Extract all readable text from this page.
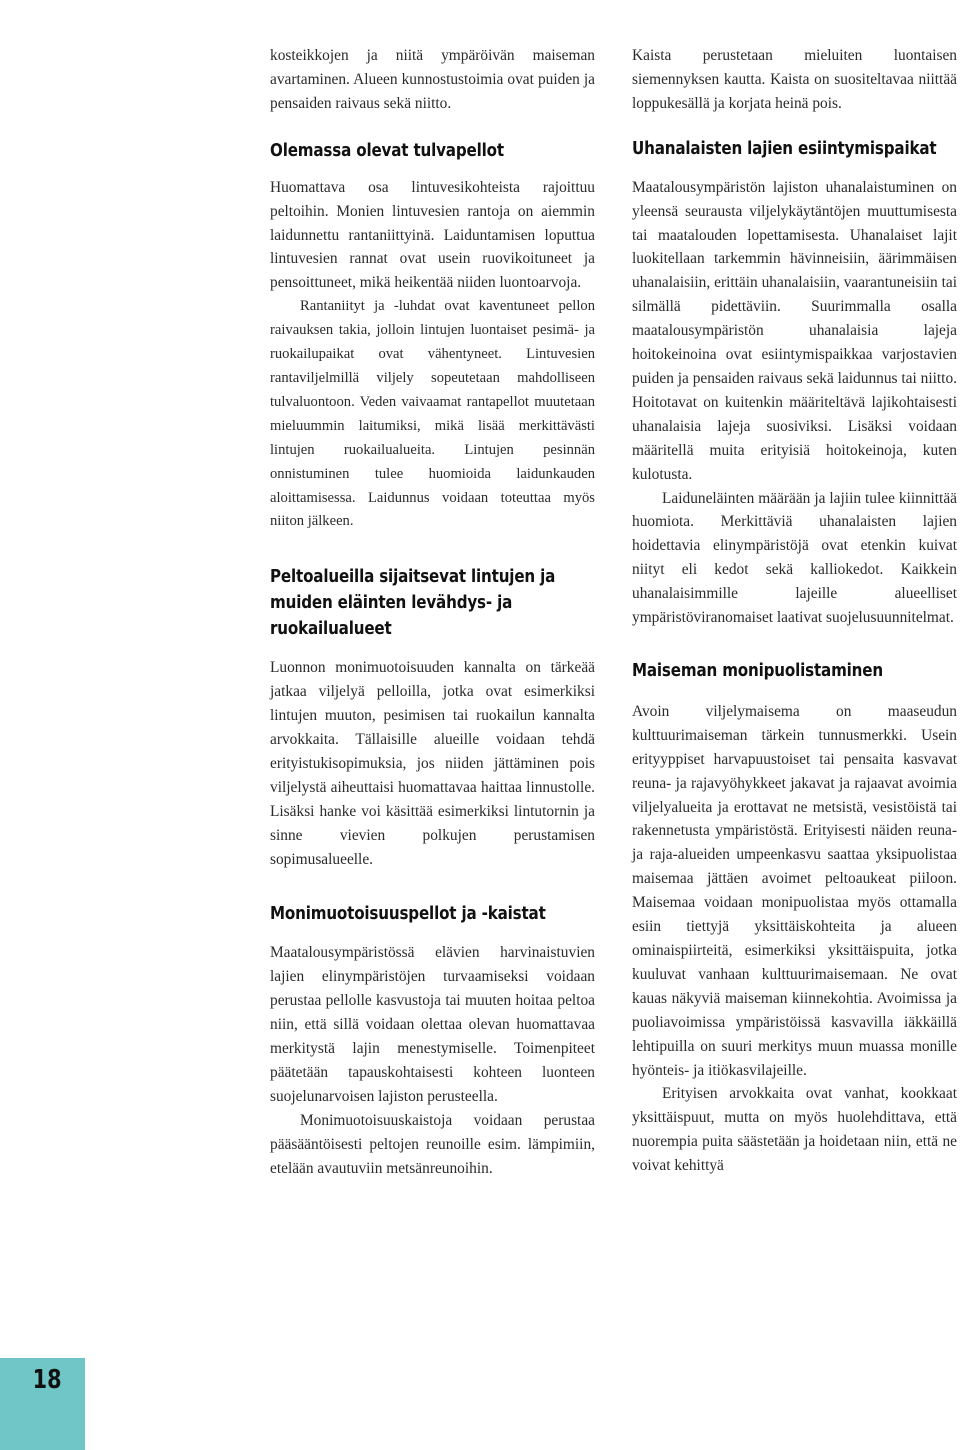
kosteikkojen ja niitä ympäröivän maiseman avartaminen. Alueen kunnostustoimia ovat puiden ja pensaiden raivaus sekä niitto.

Olemassa olevat tulvapellot

Huomattava osa lintuvesikohteista rajoittuu peltoihin. Monien lintuvesien rantoja on aiemmin laidunnettu rantaniittyinä. Laiduntamisen loputtua lintuvesien rannat ovat usein ruovikoituneet ja pensoittuneet, mikä heikentää niiden luontoarvoja.

Rantaniityt ja -luhdat ovat kaventuneet pellon raivauksen takia, jolloin lintujen luontaiset pesimä- ja ruokailupaikat ovat vähentyneet. Lintuvesien rantaviljelmillä viljely sopeutetaan mahdolliseen tulvaluontoon. Veden vaivaamat rantapellot muutetaan mieluummin laitumiksi, mikä lisää merkittävästi lintujen ruokailualueita. Lintujen pesinnän onnistuminen tulee huomioida laidunkauden aloittamisessa. Laidunnus voidaan toteuttaa myös niiton jälkeen.

Peltoalueilla sijaitsevat lintujen ja muiden eläinten levähdys- ja ruokailualueet

Luonnon monimuotoisuuden kannalta on tärkeää jatkaa viljelyä pelloilla, jotka ovat esimerkiksi lintujen muuton, pesimisen tai ruokailun kannalta arvokkaita. Tällaisille alueille voidaan tehdä erityistukisopimuksia, jos niiden jättäminen pois viljelystä aiheuttaisi huomattavaa haittaa linnustolle. Lisäksi hanke voi käsittää esimerkiksi lintutornin ja sinne vievien polkujen perustamisen sopimusalueelle.

Monimuotoisuuspellot ja -kaistat

Maatalousympäristössä elävien harvinaistuvien lajien elinympäristöjen turvaamiseksi voidaan perustaa pellolle kasvustoja tai muuten hoitaa peltoa niin, että sillä voidaan olettaa olevan huomattavaa merkitystä lajin menestymiselle. Toimenpiteet päätetään tapauskohtaisesti kohteen luonteen suojelunarvoisen lajiston perusteella.

Monimuotoisuuskaistoja voidaan perustaa pääsääntöisesti peltojen reunoille esim. lämpimiin, etelään avautuviin metsänreunoihin.

Kaista perustetaan mieluiten luontaisen siemennyksen kautta. Kaista on suositeltavaa niittää loppukesällä ja korjata heinä pois.

Uhanalaisten lajien esiintymispaikat

Maatalousympäristön lajiston uhanalaistuminen on yleensä seurausta viljelykäytäntöjen muuttumisesta tai maatalouden lopettamisesta. Uhanalaiset lajit luokitellaan tarkemmin hävinneisiin, äärimmäisen uhanalaisiin, erittäin uhanalaisiin, vaarantuneisiin tai silmällä pidettäviin. Suurimmalla osalla maatalousympäristön uhanalaisia lajeja hoitokeinoina ovat esiintymispaikkaa varjostavien puiden ja pensaiden raivaus sekä laidunnus tai niitto. Hoitotavat on kuitenkin määriteltävä lajikohtaisesti uhanalaisia lajeja suosiviksi. Lisäksi voidaan määritellä muita erityisiä hoitokeinoja, kuten kulotusta.

Laiduneläinten määrään ja lajiin tulee kiinnittää huomiota. Merkittäviä uhanalaisten lajien hoidettavia elinympäristöjä ovat etenkin kuivat niityt eli kedot sekä kalliokedot. Kaikkein uhanalaisimmille lajeille alueelliset ympäristöviranomaiset laativat suojelusuunnitelmat.

Maiseman monipuolistaminen

Avoin viljelymaisema on maaseudun kulttuurimaiseman tärkein tunnusmerkki. Usein erityyppiset harvapuustoiset tai pensaita kasvavat reuna- ja rajavyöhykkeet jakavat ja rajaavat avoimia viljelyalueita ja erottavat ne metsistä, vesistöistä tai rakennetusta ympäristöstä. Erityisesti näiden reuna- ja raja-alueiden umpeenkasvu saattaa yksipuolistaa maisemaa jättäen avoimet peltoaukeat piiloon. Maisemaa voidaan monipuolistaa myös ottamalla esiin tiettyjä yksittäiskohteita ja alueen ominaispiirteitä, esimerkiksi yksittäispuita, jotka kuuluvat vanhaan kulttuurimaisemaan. Ne ovat kauas näkyviä maiseman kiinnekohtia. Avoimissa ja puoliavoimissa ympäristöissä kasvavilla iäkkäillä lehtipuilla on suuri merkitys muun muassa monille hyönteis- ja itiökasvilajeille.

Erityisen arvokkaita ovat vanhat, kookkaat yksittäispuut, mutta on myös huolehdittava, että nuorempia puita säästetään ja hoidetaan niin, että ne voivat kehittyä

18
